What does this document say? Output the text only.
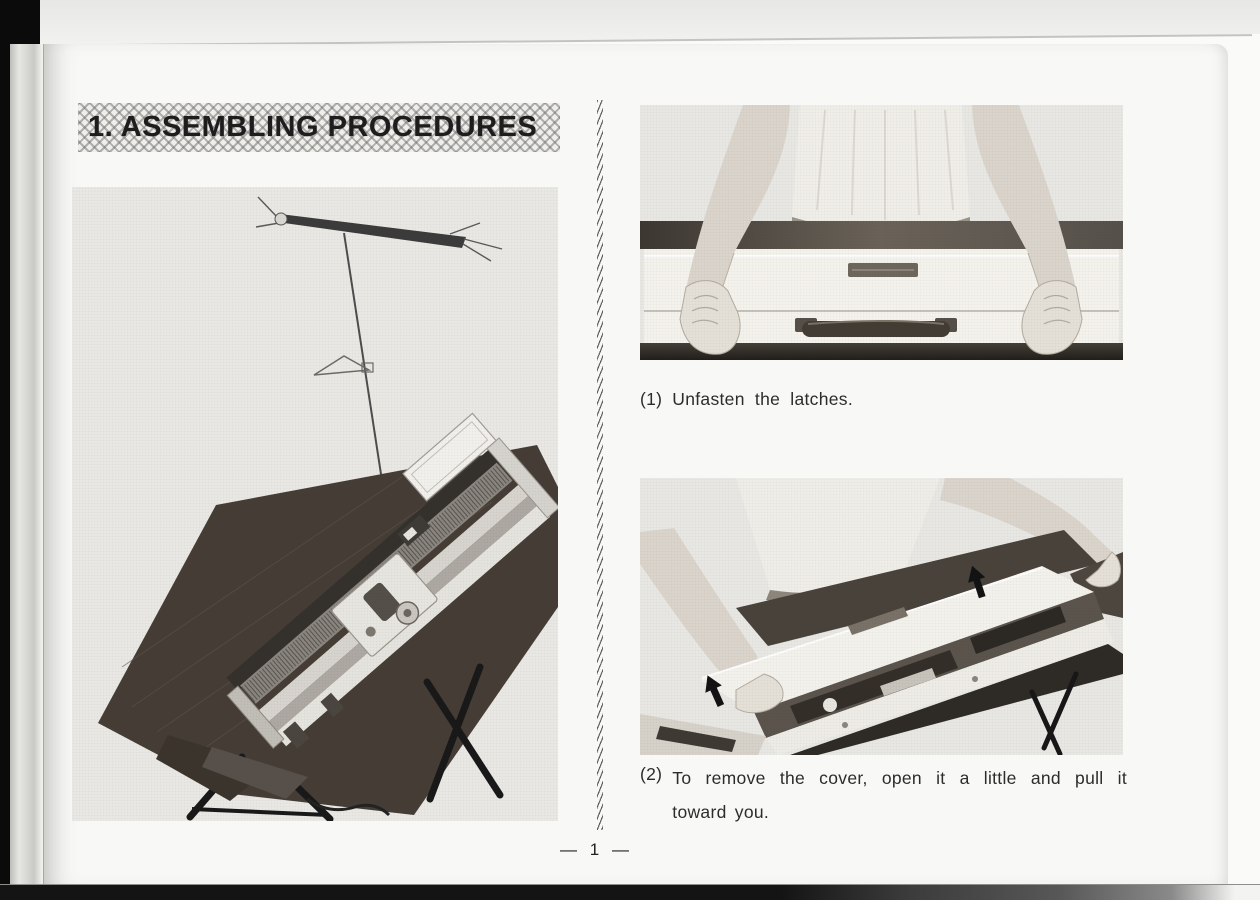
1. ASSEMBLING PROCEDURES
(1) Unfasten the latches.
(2) To remove the cover, open it a little and pull it toward you.
— 1 —
